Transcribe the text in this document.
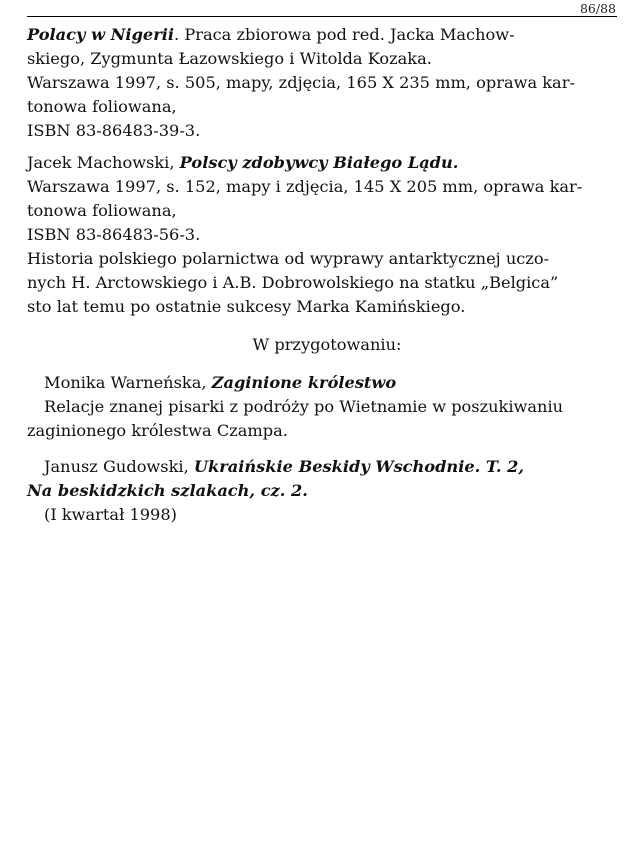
86/88
Polacy w Nigerii. Praca zbiorowa pod red. Jacka Machow-
skiego, Zygmunta Łazowskiego i Witolda Kozaka.
Warszawa 1997, s. 505, mapy, zdjęcia, 165 X 235 mm, oprawa kar-
tonowa foliowana,
ISBN 83-86483-39-3.
Jacek Machowski, Polscy zdobywcy Białego Lądu.
Warszawa 1997, s. 152, mapy i zdjęcia, 145 X 205 mm, oprawa kar-
tonowa foliowana,
ISBN 83-86483-56-3.
Historia polskiego polarnictwa od wyprawy antarktycznej uczo-
nych H. Arctowskiego i A.B. Dobrowolskiego na statku „Belgica”
sto lat temu po ostatnie sukcesy Marka Kamińskiego.
W przygotowaniu:
Monika Warneńska, Zaginione królestwo
Relacje znanej pisarki z podróży po Wietnamie w poszukiwaniu
zaginionego królestwa Czampa.
Janusz Gudowski, Ukraińskie Beskidy Wschodnie. T. 2,
Na beskidzkich szlakach, cz. 2.
(I kwartał 1998)
